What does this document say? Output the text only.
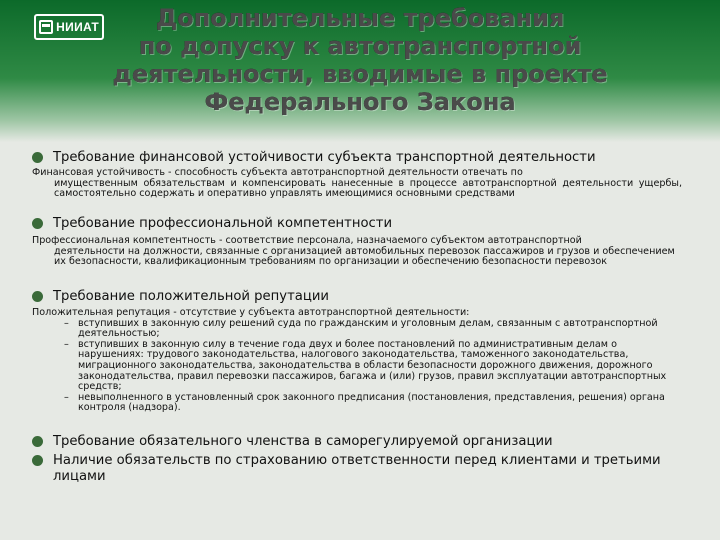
НИИАТ	Дополнительные требования
по допуску к автотранспортной
деятельности, вводимые в проекте
Федерального Закона
Требование финансовой устойчивости субъекта транспортной деятельности
Финансовая устойчивость - способность субъекта автотранспортной деятельности отвечать по
имущественным обязательствам и компенсировать нанесенные в процессе автотранспортной деятельности ущербы, самостоятельно содержать и оперативно управлять имеющимися основными средствами
Требование профессиональной компетентности
Профессиональная компетентность - соответствие персонала, назначаемого субъектом автотранспортной
деятельности на должности, связанные с организацией автомобильных перевозок пассажиров и грузов и обеспечением их безопасности, квалификационным требованиям по организации и обеспечению безопасности перевозок
Требование положительной репутации
Положительная репутация - отсутствие у субъекта автотранспортной деятельности:
– вступивших в законную силу решений суда по гражданским и уголовным делам, связанным с автотранспортной деятельностью;
– вступивших в законную силу в течение года двух и более постановлений по административным делам о нарушениях: трудового законодательства, налогового законодательства, таможенного законодательства, миграционного законодательства, законодательства в области безопасности дорожного движения, дорожного законодательства, правил перевозки пассажиров, багажа и (или) грузов, правил эксплуатации автотранспортных средств;
– невыполненного в установленный срок законного предписания (постановления, представления, решения) органа контроля (надзора).
Требование обязательного членства в саморегулируемой организации
Наличие обязательств по страхованию ответственности перед клиентами и третьими лицами
